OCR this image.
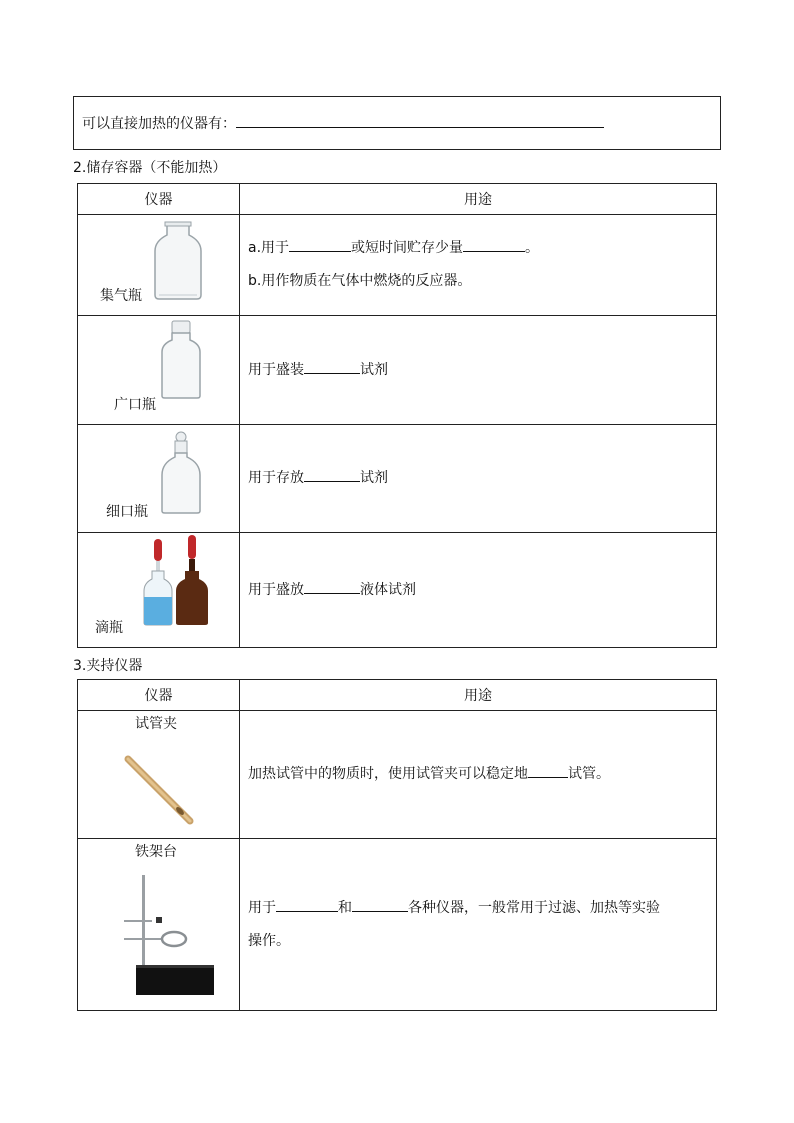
可以直接加热的仪器有：
2.储存容器（不能加热）
仪器	用途

集气瓶	a.用于 或短时间贮存少量 。
b.用作物质在气体中燃烧的反应器。

广口瓶	用于盛装 试剂

细口瓶	用于存放 试剂

滴瓶	用于盛放 液体试剂
3.夹持仪器
仪器	用途

试管夹	加热试管中的物质时，使用试管夹可以稳定地 试管。

铁架台	用于 和 各种仪器，一般常用于过滤、加热等实验
操作。
